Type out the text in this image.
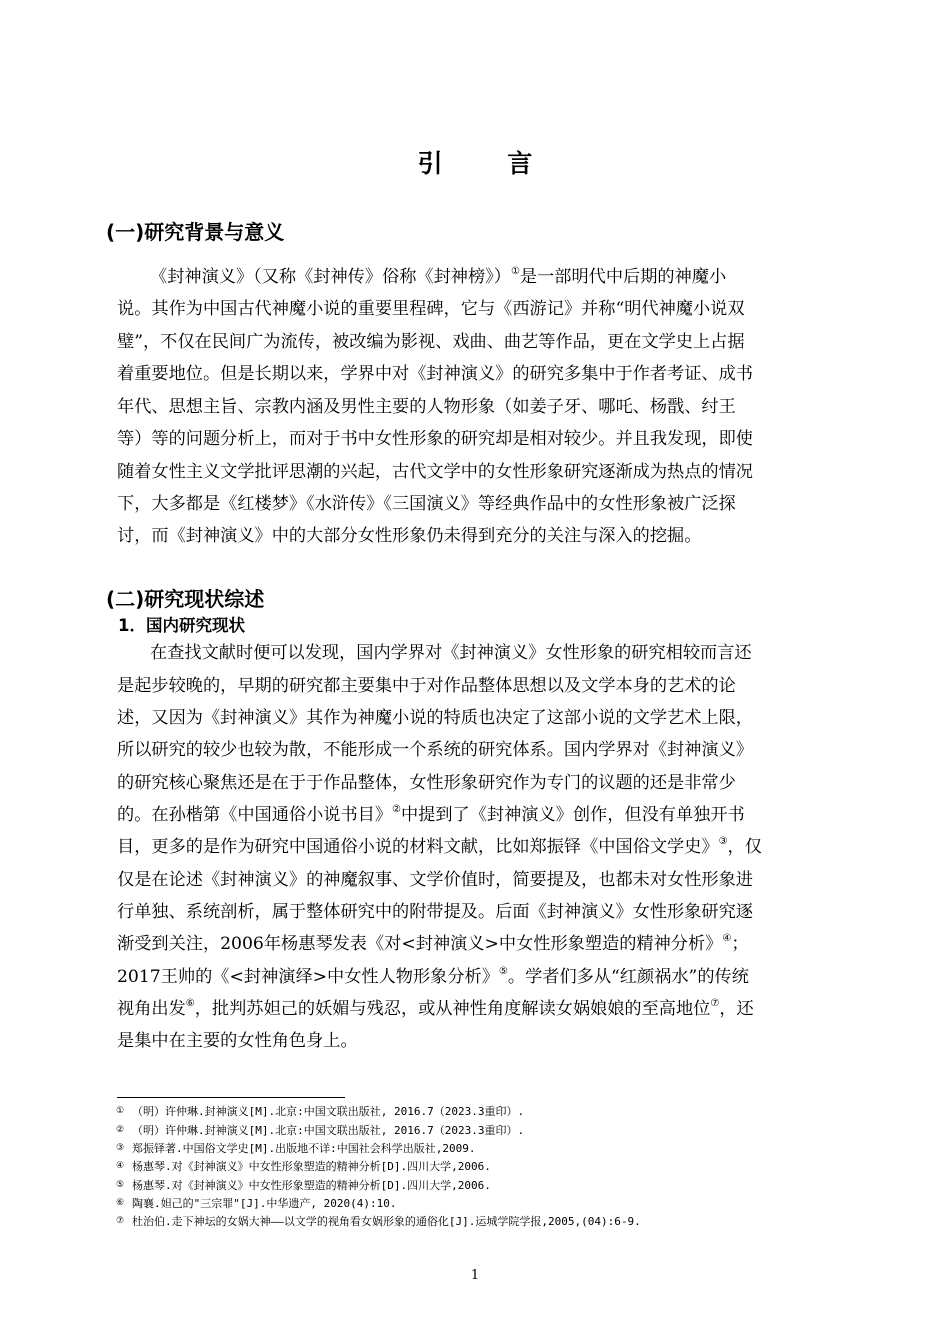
引 言
(一)研究背景与意义
《封神演义》（又称《封神传》俗称《封神榜》）①是一部明代中后期的神魔小
说。其作为中国古代神魔小说的重要里程碑，它与《西游记》并称“明代神魔小说双
璧”，不仅在民间广为流传，被改编为影视、戏曲、曲艺等作品，更在文学史上占据
着重要地位。但是长期以来，学界中对《封神演义》的研究多集中于作者考证、成书
年代、思想主旨、宗教内涵及男性主要的人物形象（如姜子牙、哪吒、杨戬、纣王
等）等的问题分析上，而对于书中女性形象的研究却是相对较少。并且我发现，即使
随着女性主义文学批评思潮的兴起，古代文学中的女性形象研究逐渐成为热点的情况
下，大多都是《红楼梦》《水浒传》《三国演义》等经典作品中的女性形象被广泛探
讨，而《封神演义》中的大部分女性形象仍未得到充分的关注与深入的挖掘。
(二)研究现状综述
1．国内研究现状
在查找文献时便可以发现，国内学界对《封神演义》女性形象的研究相较而言还
是起步较晚的，早期的研究都主要集中于对作品整体思想以及文学本身的艺术的论
述，又因为《封神演义》其作为神魔小说的特质也决定了这部小说的文学艺术上限，
所以研究的较少也较为散，不能形成一个系统的研究体系。国内学界对《封神演义》
的研究核心聚焦还是在于于作品整体，女性形象研究作为专门的议题的还是非常少
的。在孙楷第《中国通俗小说书目》②中提到了《封神演义》创作，但没有单独开书
目，更多的是作为研究中国通俗小说的材料文献，比如郑振铎《中国俗文学史》③，仅
仅是在论述《封神演义》的神魔叙事、文学价值时，简要提及，也都未对女性形象进
行单独、系统剖析，属于整体研究中的附带提及。后面《封神演义》女性形象研究逐
渐受到关注，2006年杨惠琴发表《对<封神演义>中女性形象塑造的精神分析》④；
2017王帅的《<封神演绎>中女性人物形象分析》⑤。学者们多从“红颜祸水”的传统
视角出发⑥，批判苏妲己的妖媚与残忍，或从神性角度解读女娲娘娘的至高地位⑦，还
是集中在主要的女性角色身上。
① （明）许仲琳.封神演义[M].北京:中国文联出版社, 2016.7（2023.3重印）.
② （明）许仲琳.封神演义[M].北京:中国文联出版社, 2016.7（2023.3重印）.
③ 郑振铎著.中国俗文学史[M].出版地不详:中国社会科学出版社,2009.
④ 杨惠琴.对《封神演义》中女性形象塑造的精神分析[D].四川大学,2006.
⑤ 杨惠琴.对《封神演义》中女性形象塑造的精神分析[D].四川大学,2006.
⑥ 陶襄.妲己的"三宗罪"[J].中华遗产, 2020(4):10.
⑦ 杜治伯.走下神坛的女娲大神——以文学的视角看女娲形象的通俗化[J].运城学院学报,2005,(04):6-9.
1
